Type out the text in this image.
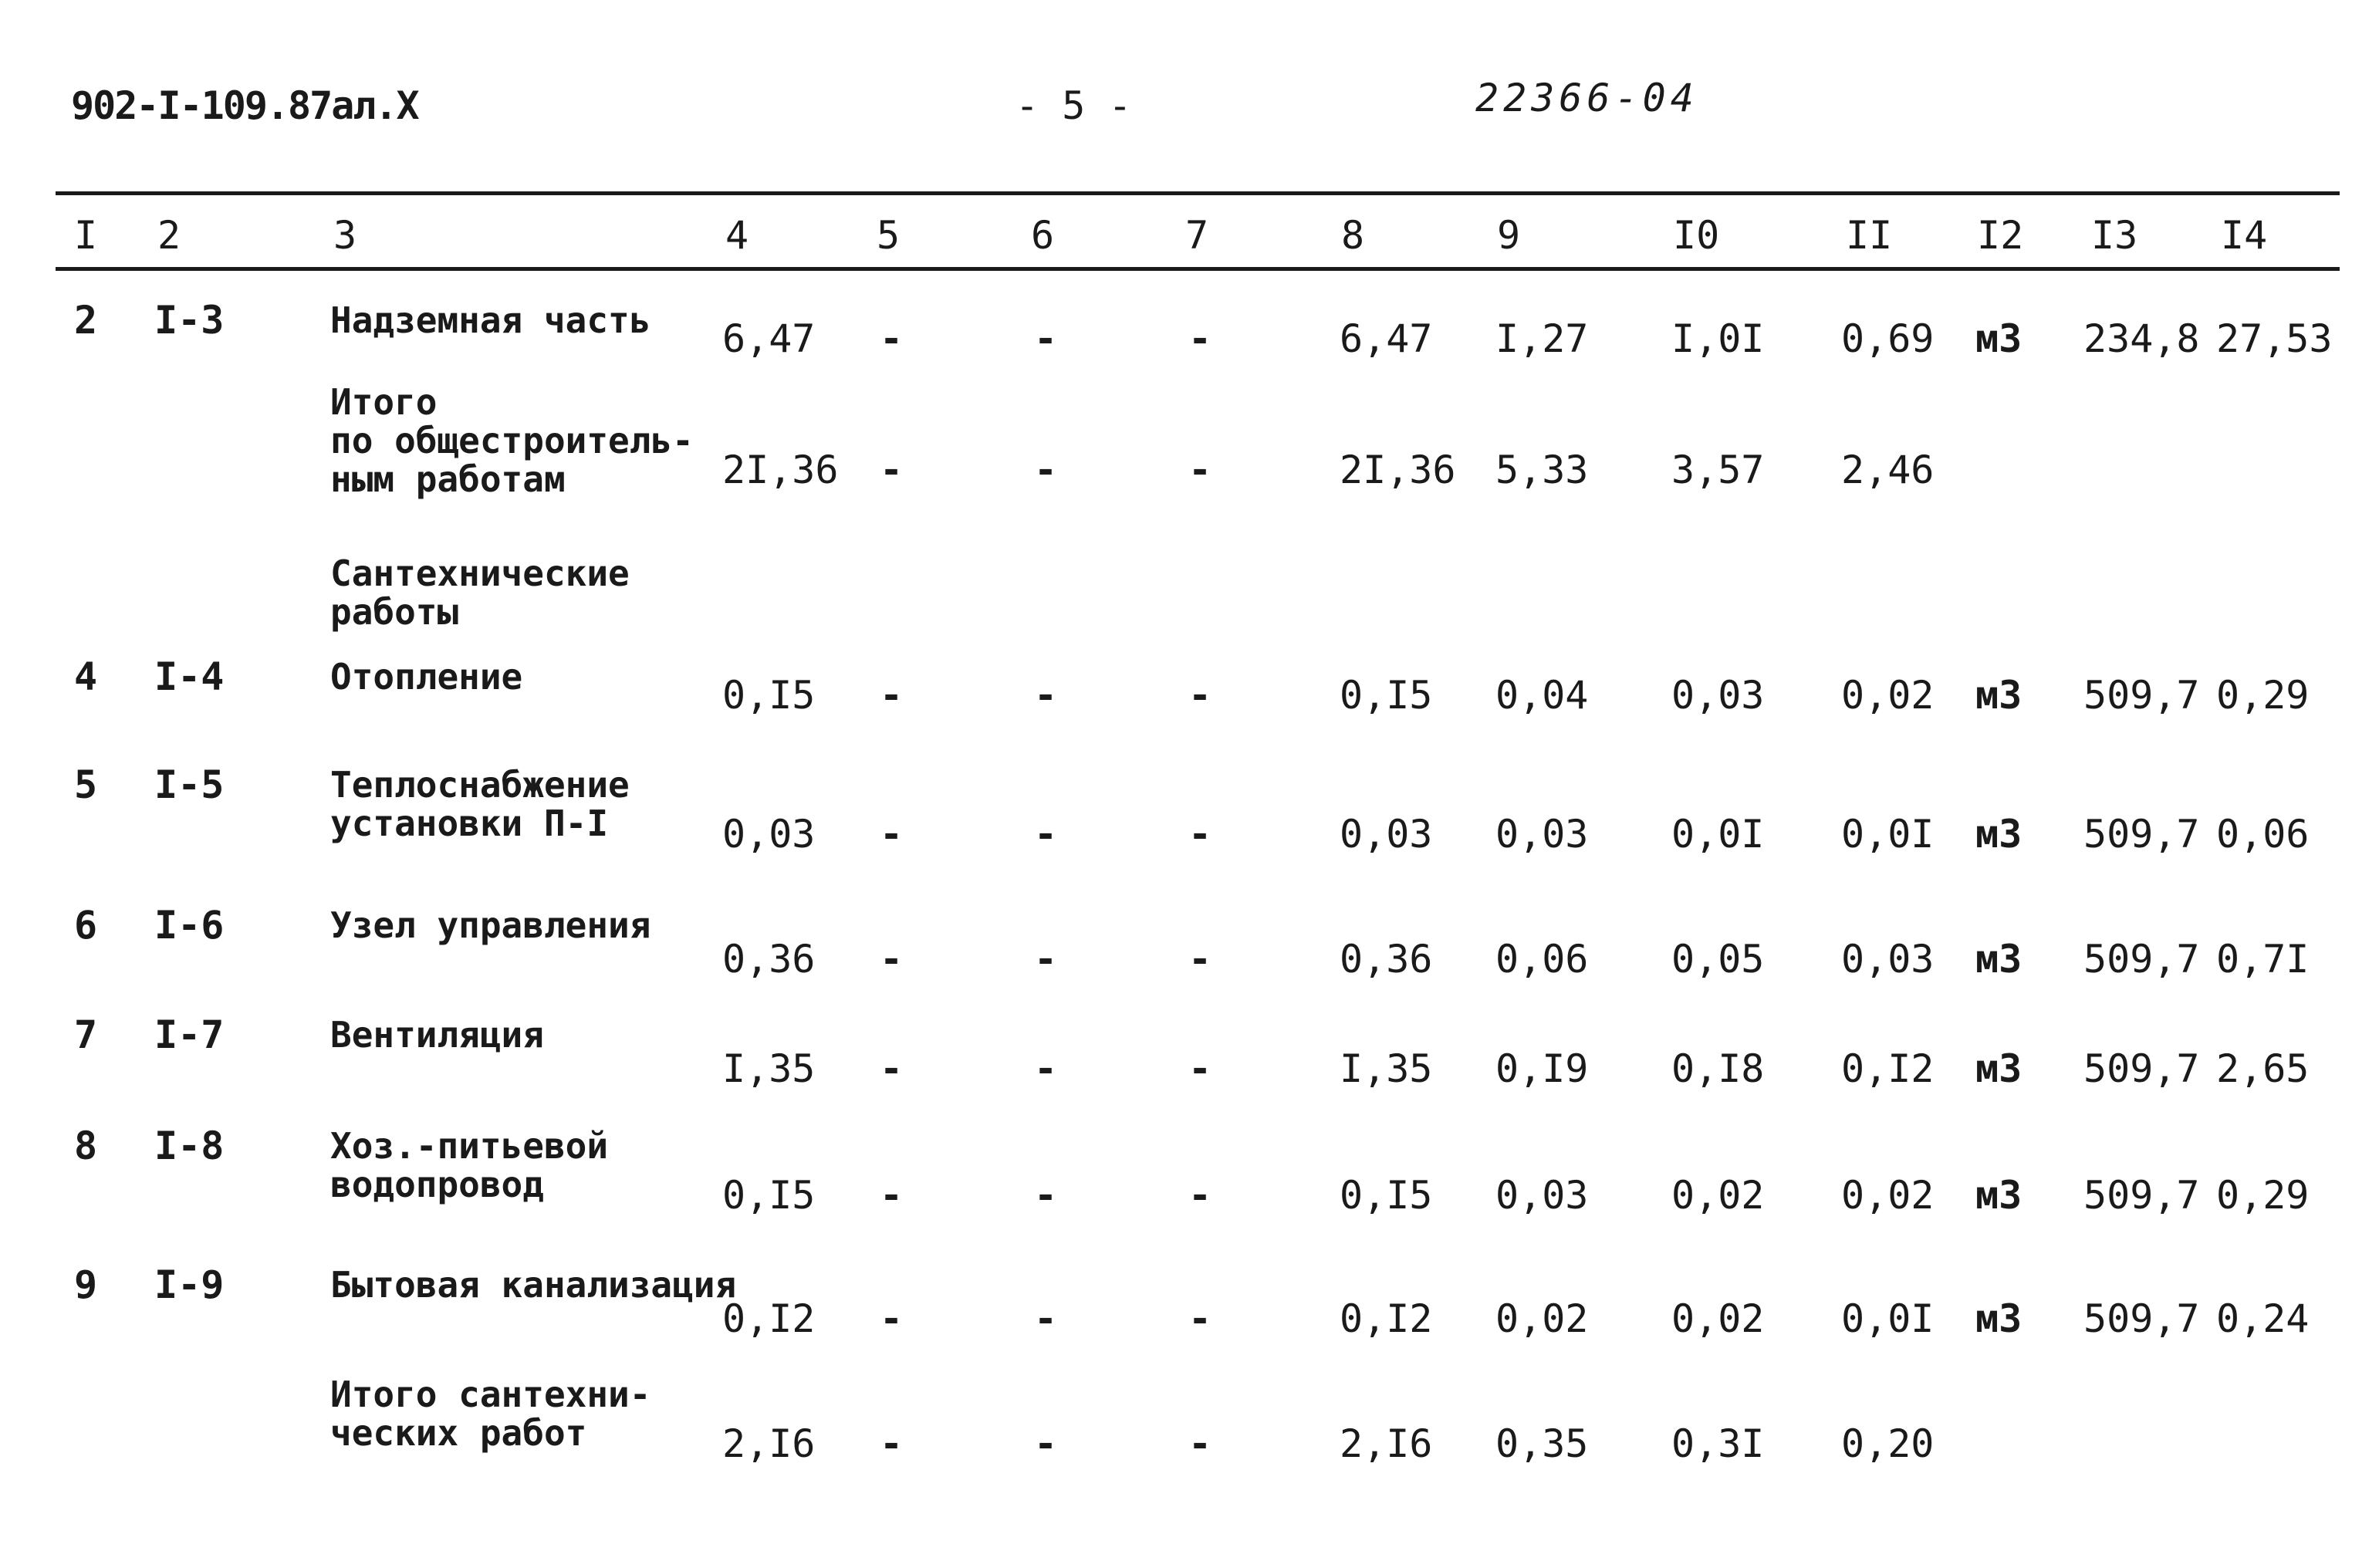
902-I-109.87ал.X	- 5 -	22366-04
I 2	3	4	5	6	7	8	9	I0	II I2 I3 I4
2 I-3	Надземная часть 6,47 -	-	-	6,47 I,27 I,0I 0,69 м3 234,8 27,53
Итого
по общестроитель-
ным работам	2I,36 -	-	-	2I,36 5,33 3,57 2,46
Сантехнические
работы
4 I-4	Отопление	0,I5 -	-	-	0,I5 0,04 0,03 0,02 м3 509,7 0,29
5 I-5	Теплоснабжение
установки П-I	0,03 -	-	-	0,03 0,03 0,0I 0,0I м3 509,7 0,06
6 I-6	Узел управления
0,36 -	-	-	0,36 0,06 0,05 0,03 м3 509,7 0,7I
7 I-7	Вентиляция
I,35 -	-	-	I,35 0,I9 0,I8 0,I2 м3 509,7 2,65
8 I-8	Хоз.-питьевой
водопровод	0,I5 -	-	-	0,I5 0,03 0,02 0,02 м3 509,7 0,29
9 I-9	Бытовая канализация
0,I2 -	-	-	0,I2 0,02 0,02 0,0I м3 509,7 0,24
Итого сантехни-
ческих работ	2,I6 -	-	-	2,I6 0,35 0,3I 0,20
